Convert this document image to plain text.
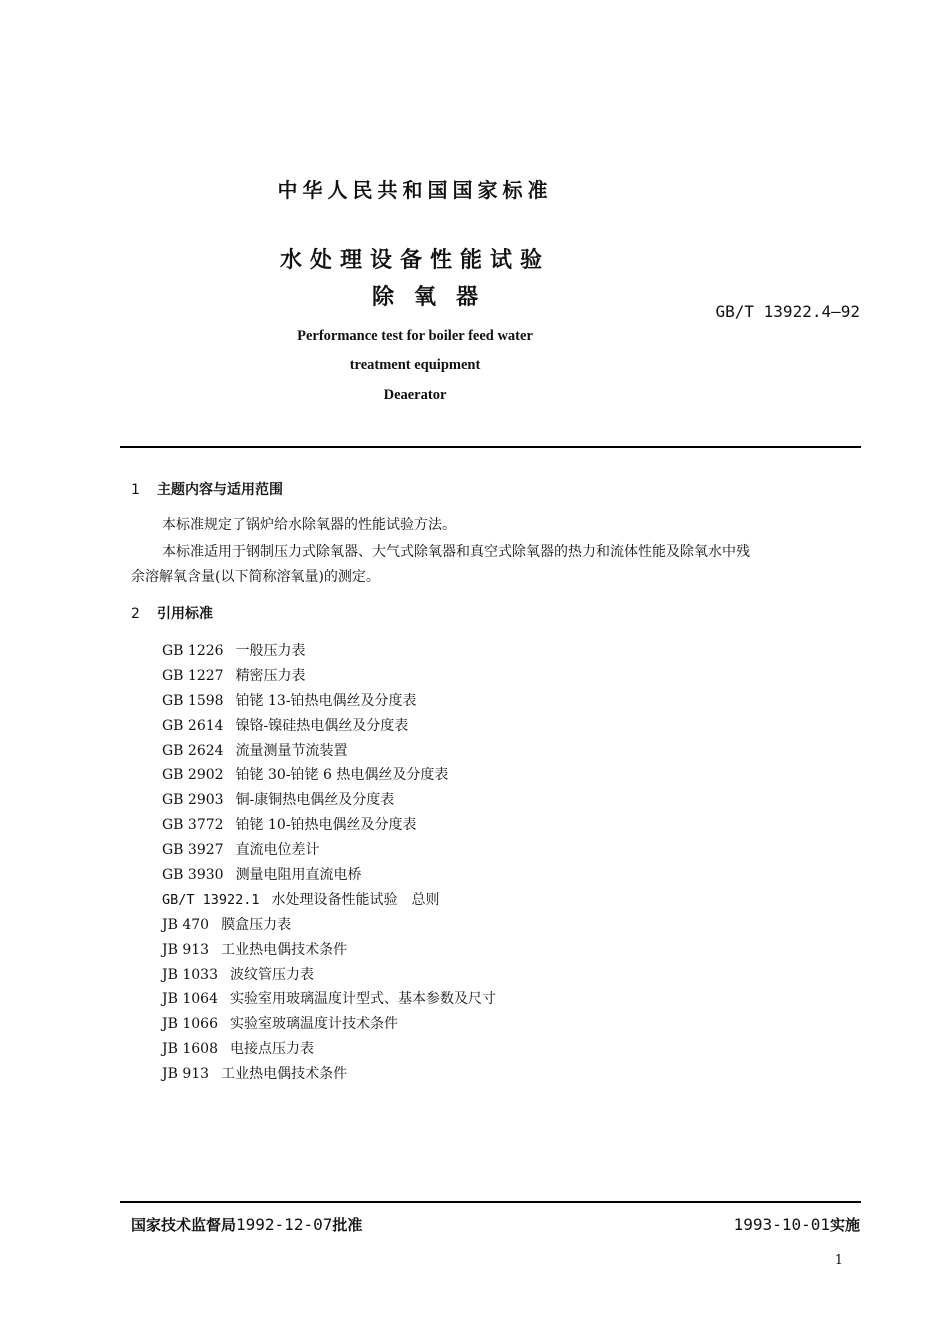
中华人民共和国国家标准
水处理设备性能试验
除氧器
GB/T 13922.4—92
Performance test for boiler feed water
treatment equipment
Deaerator
1 主题内容与适用范围
本标准规定了锅炉给水除氧器的性能试验方法。
本标准适用于钢制压力式除氧器、大气式除氧器和真空式除氧器的热力和流体性能及除氧水中残
余溶解氧含量(以下简称溶氧量)的测定。
2 引用标准
GB 1226 一般压力表
GB 1227 精密压力表
GB 1598 铂铑 13-铂热电偶丝及分度表
GB 2614 镍铬-镍硅热电偶丝及分度表
GB 2624 流量测量节流装置
GB 2902 铂铑 30-铂铑 6 热电偶丝及分度表
GB 2903 铜-康铜热电偶丝及分度表
GB 3772 铂铑 10-铂热电偶丝及分度表
GB 3927 直流电位差计
GB 3930 测量电阻用直流电桥
GB/T 13922.1 水处理设备性能试验　总则
JB 470 膜盒压力表
JB 913 工业热电偶技术条件
JB 1033 波纹管压力表
JB 1064 实验室用玻璃温度计型式、基本参数及尺寸
JB 1066 实验室玻璃温度计技术条件
JB 1608 电接点压力表
JB 913 工业热电偶技术条件
国家技术监督局1992-12-07批准	1993-10-01实施
1
